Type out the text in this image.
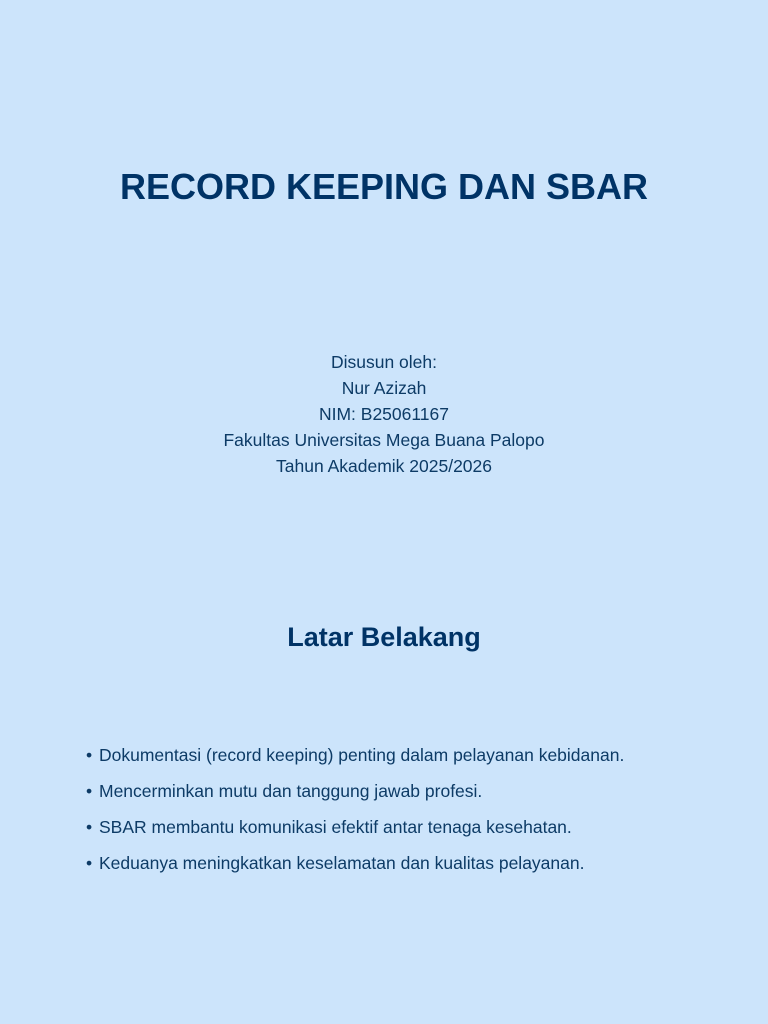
RECORD KEEPING DAN SBAR
Disusun oleh:
Nur Azizah
NIM: B25061167
Fakultas Universitas Mega Buana Palopo
Tahun Akademik 2025/2026
Latar Belakang
• Dokumentasi (record keeping) penting dalam pelayanan kebidanan.
• Mencerminkan mutu dan tanggung jawab profesi.
• SBAR membantu komunikasi efektif antar tenaga kesehatan.
• Keduanya meningkatkan keselamatan dan kualitas pelayanan.
